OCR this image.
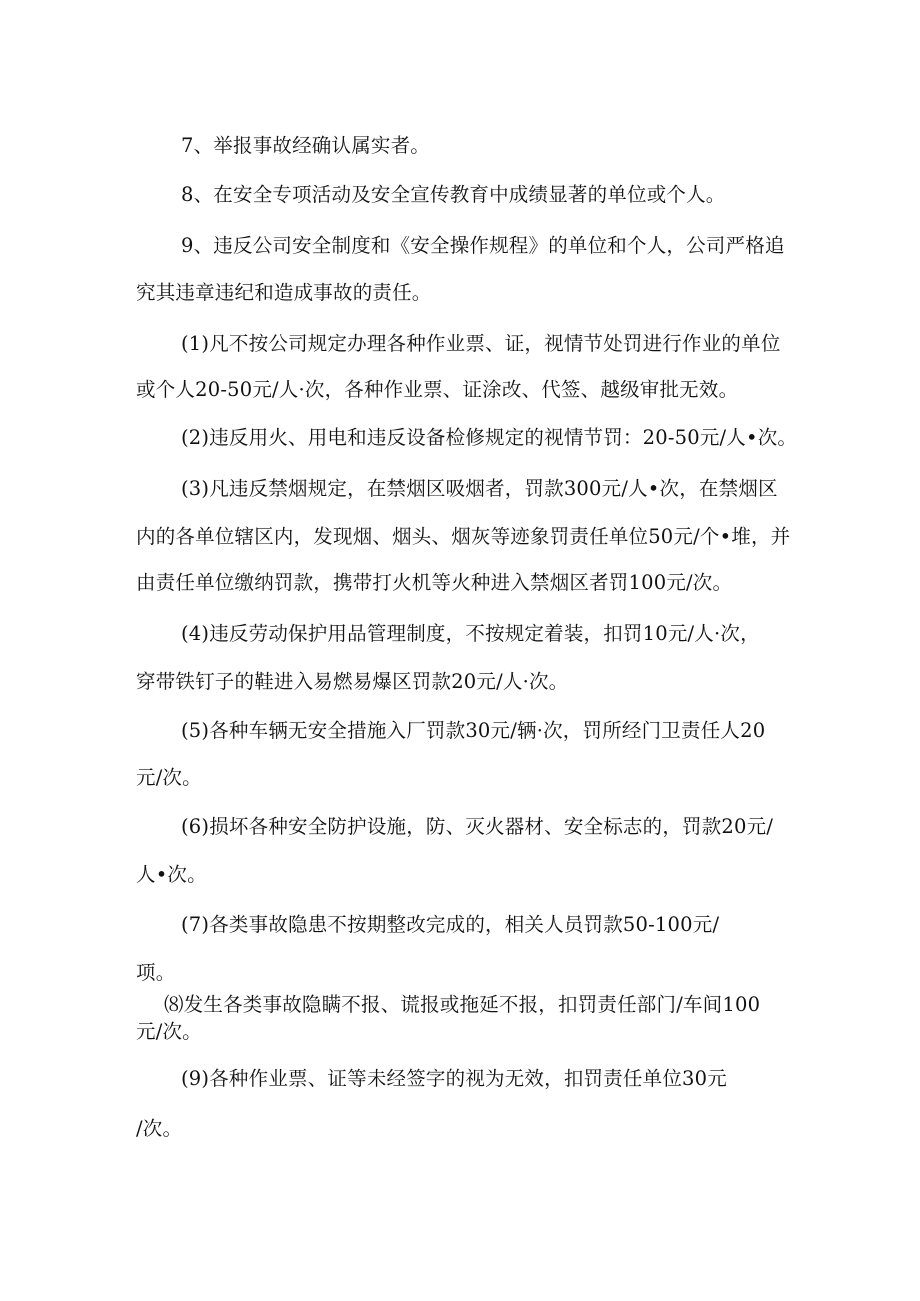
7、举报事故经确认属实者。
8、在安全专项活动及安全宣传教育中成绩显著的单位或个人。
9、违反公司安全制度和《安全操作规程》的单位和个人，公司严格追
究其违章违纪和造成事故的责任。
(1)凡不按公司规定办理各种作业票、证，视情节处罚进行作业的单位
或个人20-50元/人·次，各种作业票、证涂改、代签、越级审批无效。
(2)违反用火、用电和违反设备检修规定的视情节罚：20-50元/人•次。
(3)凡违反禁烟规定，在禁烟区吸烟者，罚款300元/人•次，在禁烟区
内的各单位辖区内，发现烟、烟头、烟灰等迹象罚责任单位50元/个•堆，并
由责任单位缴纳罚款，携带打火机等火种进入禁烟区者罚100元/次。
(4)违反劳动保护用品管理制度，不按规定着装，扣罚10元/人·次，
穿带铁钉子的鞋进入易燃易爆区罚款20元/人·次。
(5)各种车辆无安全措施入厂罚款30元/辆·次，罚所经门卫责任人20
元/次。
(6)损坏各种安全防护设施，防、灭火器材、安全标志的，罚款20元/
人•次。
(7)各类事故隐患不按期整改完成的，相关人员罚款50-100元/
项。
⑻发生各类事故隐瞒不报、谎报或拖延不报，扣罚责任部门/车间100
元/次。
(9)各种作业票、证等未经签字的视为无效，扣罚责任单位30元
/次。
